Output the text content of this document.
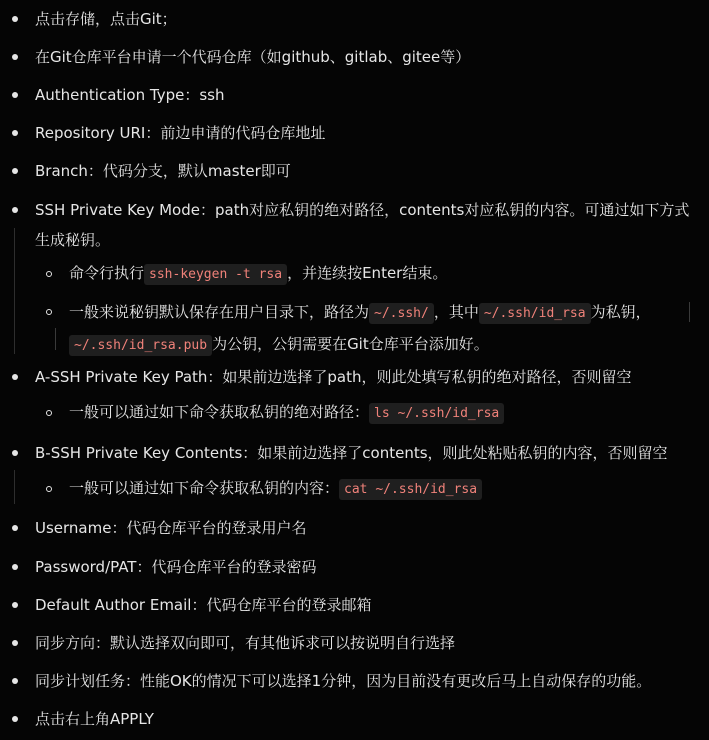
点击存储，点击Git；
在Git仓库平台申请一个代码仓库（如github、gitlab、gitee等）
Authentication Type：ssh
Repository URI：前边申请的代码仓库地址
Branch：代码分支，默认master即可
SSH Private Key Mode：path对应私钥的绝对路径，contents对应私钥的内容。可通过如下方式生成秘钥。
命令行执行 ssh-keygen -t rsa ，并连续按Enter结束。
一般来说秘钥默认保存在用户目录下，路径为 ~/.ssh/ ，其中 ~/.ssh/id_rsa 为私钥，~/.ssh/id_rsa.pub 为公钥，公钥需要在Git仓库平台添加好。
A-SSH Private Key Path：如果前边选择了path，则此处填写私钥的绝对路径，否则留空
一般可以通过如下命令获取私钥的绝对路径： ls ~/.ssh/id_rsa
B-SSH Private Key Contents：如果前边选择了contents，则此处粘贴私钥的内容，否则留空
一般可以通过如下命令获取私钥的内容： cat ~/.ssh/id_rsa
Username：代码仓库平台的登录用户名
Password/PAT：代码仓库平台的登录密码
Default Author Email：代码仓库平台的登录邮箱
同步方向：默认选择双向即可，有其他诉求可以按说明自行选择
同步计划任务：性能OK的情况下可以选择1分钟，因为目前没有更改后马上自动保存的功能。
点击右上角APPLY
